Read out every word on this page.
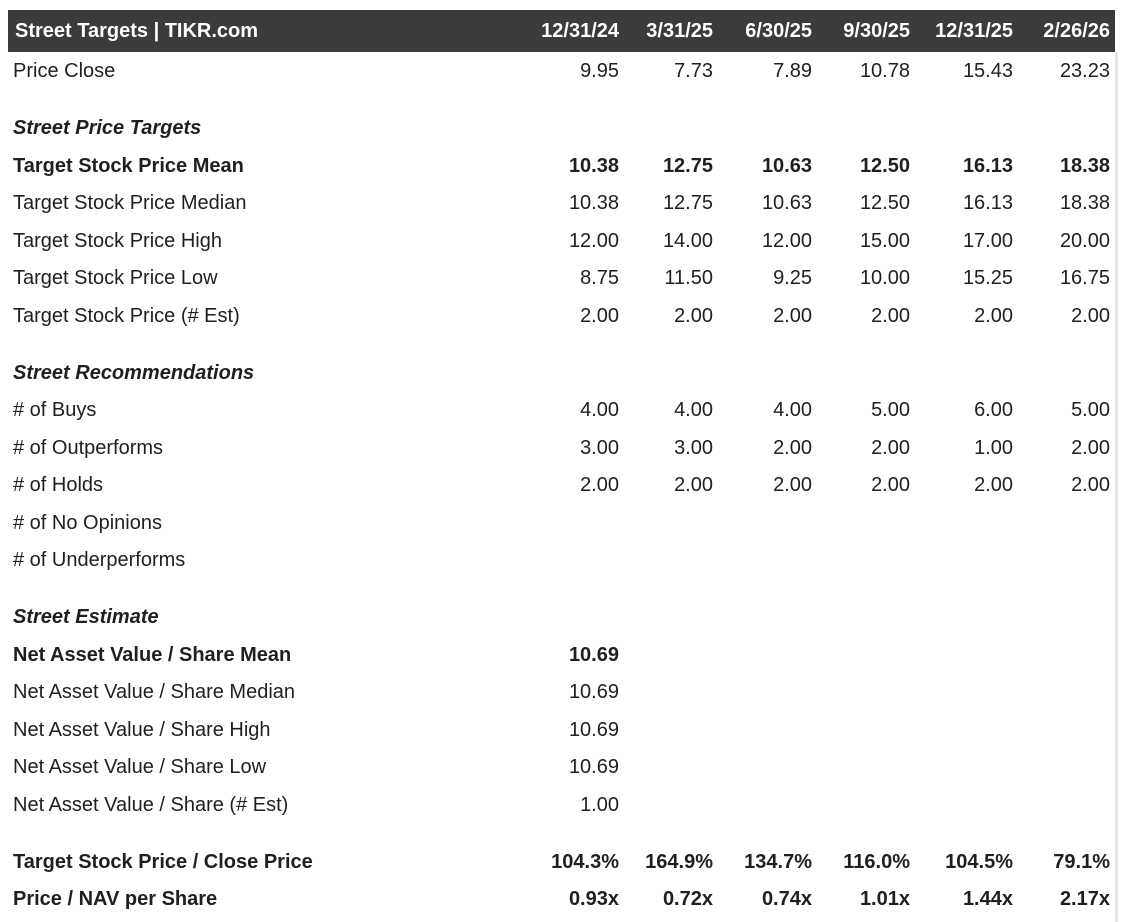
Street Targets | TIKR.com	12/31/24	3/31/25	6/30/25	9/30/25	12/31/25	2/26/26
Price Close	9.95	7.73	7.89	10.78	15.43	23.23
Street Price Targets
Target Stock Price Mean	10.38	12.75	10.63	12.50	16.13	18.38
Target Stock Price Median	10.38	12.75	10.63	12.50	16.13	18.38
Target Stock Price High	12.00	14.00	12.00	15.00	17.00	20.00
Target Stock Price Low	8.75	11.50	9.25	10.00	15.25	16.75
Target Stock Price (# Est)	2.00	2.00	2.00	2.00	2.00	2.00
Street Recommendations
# of Buys	4.00	4.00	4.00	5.00	6.00	5.00
# of Outperforms	3.00	3.00	2.00	2.00	1.00	2.00
# of Holds	2.00	2.00	2.00	2.00	2.00	2.00
# of No Opinions
# of Underperforms
Street Estimate
Net Asset Value / Share Mean	10.69
Net Asset Value / Share Median	10.69
Net Asset Value / Share High	10.69
Net Asset Value / Share Low	10.69
Net Asset Value / Share (# Est)	1.00
Target Stock Price / Close Price	104.3%	164.9%	134.7%	116.0%	104.5%	79.1%
Price / NAV per Share	0.93x	0.72x	0.74x	1.01x	1.44x	2.17x
